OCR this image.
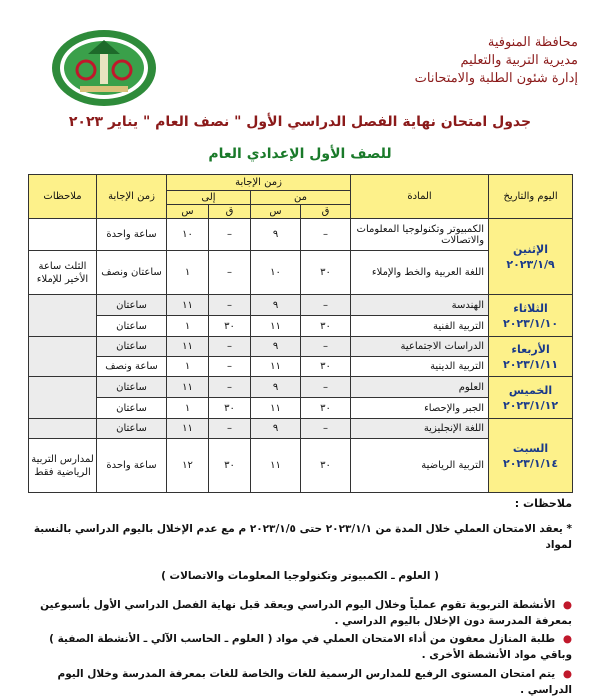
محافظة المنوفية
مديرية التربية والتعليم
إدارة شئون الطلبة والامتحانات
جدول امتحان نهاية الفصل الدراسي الأول " نصف العام " يناير ٢٠٢٣
للصف الأول الإعدادي العام
اليوم والتاريخ	المادة	زمن الإجابة				زمن الإجابة	ملاحظات
		من		إلى			
		ق	س	ق	س		

الإثنين
٢٠٢٣/١/٩	الكمبيوتر وتكنولوجيا المعلومات والاتصالات	–	٩	–	١٠	ساعة واحدة	
	اللغة العربية والخط والإملاء	٣٠	١٠	–	١	ساعتان ونصف	الثلث ساعة الأخير للإملاء

الثلاثاء
٢٠٢٣/١/١٠	الهندسة	–	٩	–	١١	ساعتان	
	التربية الفنية	٣٠	١١	٣٠	١	ساعتان	

الأربعاء
٢٠٢٣/١/١١	الدراسات الاجتماعية	–	٩	–	١١	ساعتان	
	التربية الدينية	٣٠	١١	–	١	ساعة ونصف	

الخميس
٢٠٢٣/١/١٢	العلوم	–	٩	–	١١	ساعتان	
	الجبر والإحصاء	٣٠	١١	٣٠	١	ساعتان	

السبت
٢٠٢٣/١/١٤	اللغة الإنجليزية	–	٩	–	١١	ساعتان	
	التربية الرياضية	٣٠	١١	٣٠	١٢	ساعة واحدة	لمدارس التربية الرياضية فقط
ملاحظات :
* يعقد الامتحان العملي خلال المدة من ٢٠٢٣/١/١ حتى ٢٠٢٣/١/٥ م مع عدم الإخلال باليوم الدراسي بالنسبة لمواد
( العلوم ـ الكمبيوتر وتكنولوجيا المعلومات والاتصالات )
● الأنشطة التربوية تقوم عملياً وخلال اليوم الدراسي ويعقد قبل نهاية الفصل الدراسي الأول بأسبوعين بمعرفة المدرسة دون الإخلال باليوم الدراسي .
● طلبة المنازل معفون من أداء الامتحان العملي في مواد ( العلوم ـ الحاسب الآلي ـ الأنشطة الصفية ) وباقي مواد الأنشطة الأخرى .
● يتم امتحان المستوى الرفيع للمدارس الرسمية للغات والخاصة للغات بمعرفة المدرسة وخلال اليوم الدراسي .
